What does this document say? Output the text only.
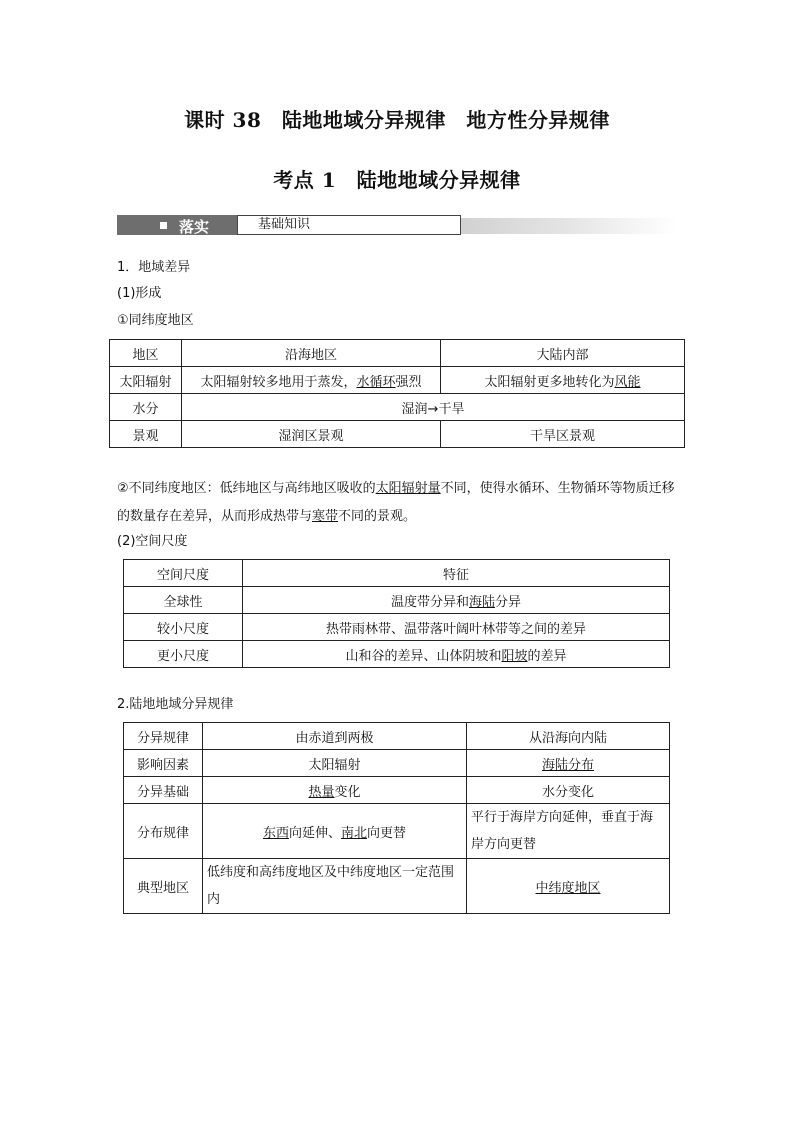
课时 38　陆地地域分异规律　地方性分异规律
考点 1　陆地地域分异规律
落实	基础知识
1．地域差异
(1)形成
①同纬度地区
地区	沿海地区	大陆内部
太阳辐射	太阳辐射较多地用于蒸发，水循环强烈	太阳辐射更多地转化为风能
水分	湿润→干旱	
景观	湿润区景观	干旱区景观
②不同纬度地区：低纬地区与高纬地区吸收的太阳辐射量不同，使得水循环、生物循环等物质迁移的数量存在差异，从而形成热带与寒带不同的景观。
(2)空间尺度
空间尺度	特征
全球性	温度带分异和海陆分异
较小尺度	热带雨林带、温带落叶阔叶林带等之间的差异
更小尺度	山和谷的差异、山体阴坡和阳坡的差异
2.陆地地域分异规律
分异规律	由赤道到两极	从沿海向内陆
影响因素	太阳辐射	海陆分布
分异基础	热量变化	水分变化
分布规律	东西向延伸、南北向更替	平行于海岸方向延伸，垂直于海岸方向更替
典型地区	低纬度和高纬度地区及中纬度地区一定范围内	中纬度地区
